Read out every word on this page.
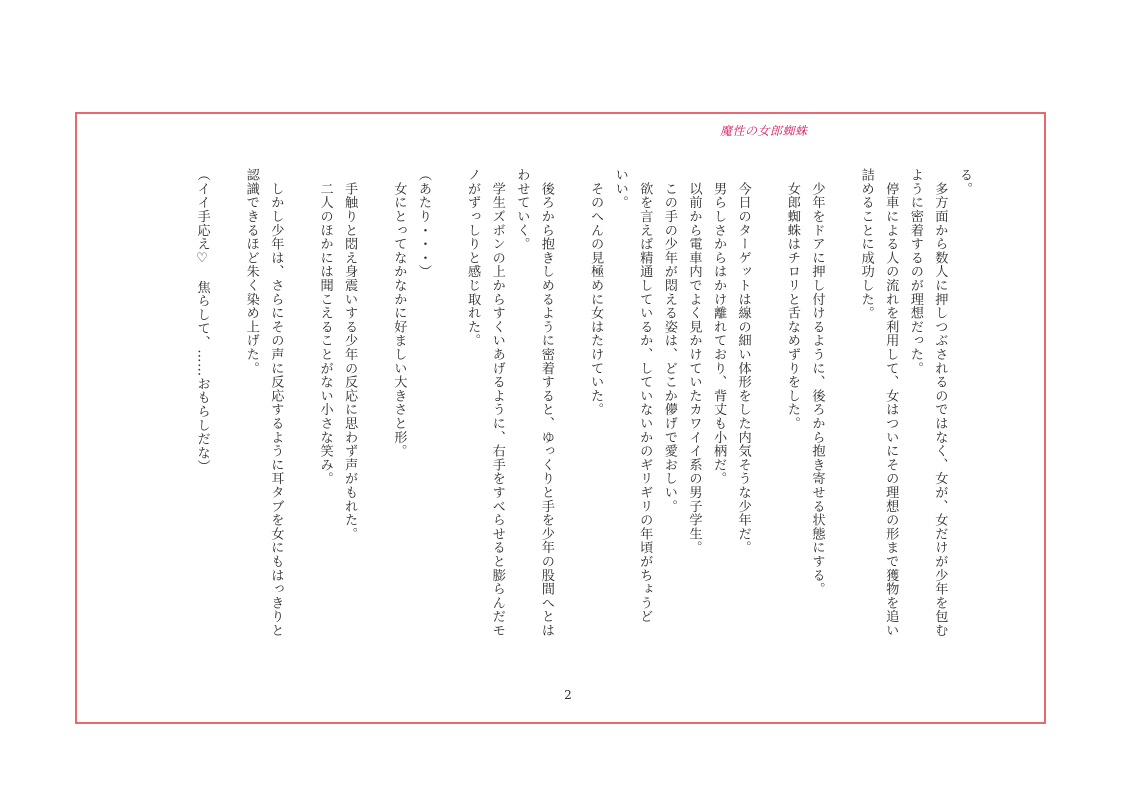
魔性の女郎蜘蛛

る。

　多方面から数人に押しつぶされるのではなく、女が、女だけが少年を包む

ように密着するのが理想だった。

　停車による人の流れを利用して、女はついにその理想の形まで獲物を追い

詰めることに成功した。

　少年をドアに押し付けるように、後ろから抱き寄せる状態にする。

　女郎蜘蛛はチロリと舌なめずりをした。

　今日のターゲットは線の細い体形をした内気そうな少年だ。

　男らしさからはかけ離れており、背丈も小柄だ。

　以前から電車内でよく見かけていたカワイイ系の男子学生。

　この手の少年が悶える姿は、どこか儚げで愛おしい。

　欲を言えば精通しているか、していないかのギリギリの年頃がちょうど

いい。

　そのへんの見極めに女はたけていた。

　後ろから抱きしめるように密着すると、ゆっくりと手を少年の股間へとは

わせていく。

　学生ズボンの上からすくいあげるように、右手をすべらせると膨らんだモ

ノがずっしりと感じ取れた。

（あたり・・・）

　女にとってなかなかに好ましい大きさと形。

　手触りと悶え身震いする少年の反応に思わず声がもれた。

　二人のほかには聞こえることがない小さな笑み。

　しかし少年は、さらにその声に反応するように耳タブを女にもはっきりと

認識できるほど朱く染め上げた。

（イイ手応え♡　焦らして、……おもらしだな）

2
